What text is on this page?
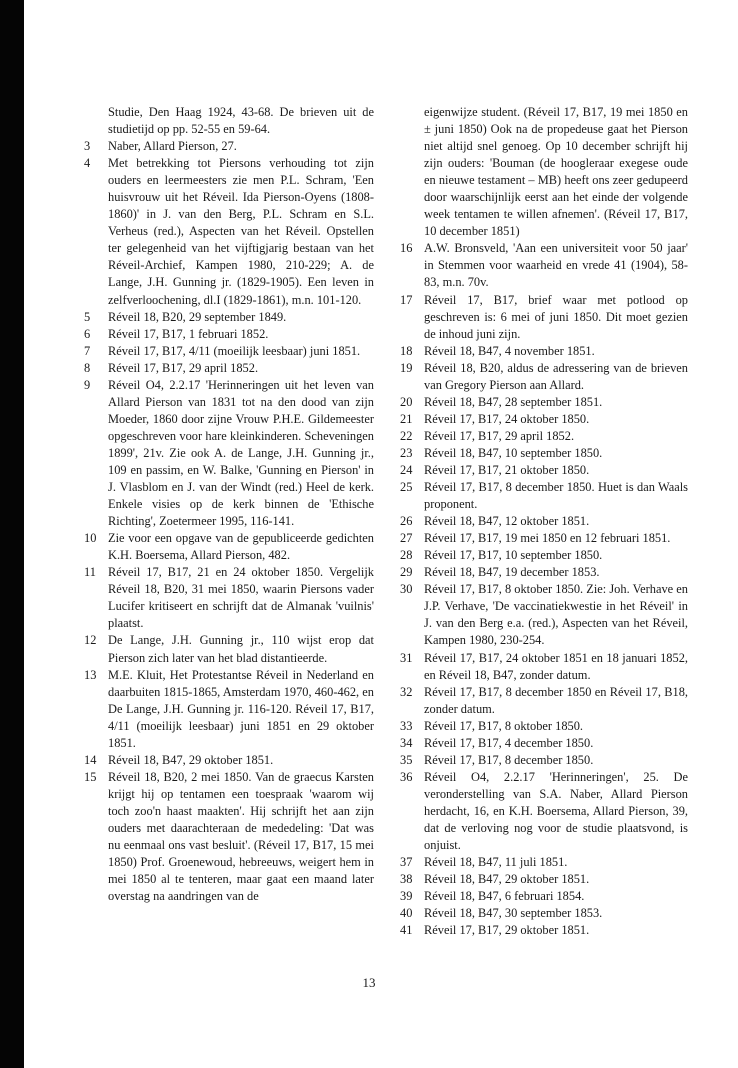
Studie, Den Haag 1924, 43-68. De brieven uit de studietijd op pp. 52-55 en 59-64.
3	Naber, Allard Pierson, 27.
4	Met betrekking tot Piersons verhouding tot zijn ouders en leermeesters zie men P.L. Schram, 'Een huisvrouw uit het Réveil. Ida Pierson-Oyens (1808-1860)' in J. van den Berg, P.L. Schram en S.L. Verheus (red.), Aspecten van het Réveil. Opstellen ter gelegenheid van het vijftigjarig bestaan van het Réveil-Archief, Kampen 1980, 210-229; A. de Lange, J.H. Gunning jr. (1829-1905). Een leven in zelfverloochening, dl.I (1829-1861), m.n. 101-120.
5	Réveil 18, B20, 29 september 1849.
6	Réveil 17, B17, 1 februari 1852.
7	Réveil 17, B17, 4/11 (moeilijk leesbaar) juni 1851.
8	Réveil 17, B17, 29 april 1852.
9	Réveil O4, 2.2.17 'Herinneringen uit het leven van Allard Pierson van 1831 tot na den dood van zijn Moeder, 1860 door zijne Vrouw P.H.E. Gildemeester opgeschreven voor hare kleinkinderen. Scheveningen 1899', 21v. Zie ook A. de Lange, J.H. Gunning jr., 109 en passim, en W. Balke, 'Gunning en Pierson' in J. Vlasblom en J. van der Windt (red.) Heel de kerk. Enkele visies op de kerk binnen de 'Ethische Richting', Zoetermeer 1995, 116-141.
10 Zie voor een opgave van de gepubliceerde gedichten K.H. Boersema, Allard Pierson, 482.
11 Réveil 17, B17, 21 en 24 oktober 1850. Vergelijk Réveil 18, B20, 31 mei 1850, waarin Piersons vader Lucifer kritiseert en schrijft dat de Almanak 'vuilnis' plaatst.
12 De Lange, J.H. Gunning jr., 110 wijst erop dat Pierson zich later van het blad distantieerde.
13 M.E. Kluit, Het Protestantse Réveil in Nederland en daarbuiten 1815-1865, Amsterdam 1970, 460-462, en De Lange, J.H. Gunning jr. 116-120. Réveil 17, B17, 4/11 (moeilijk leesbaar) juni 1851 en 29 oktober 1851.
14 Réveil 18, B47, 29 oktober 1851.
15 Réveil 18, B20, 2 mei 1850. Van de graecus Karsten krijgt hij op tentamen een toespraak 'waarom wij toch zoo'n haast maakten'. Hij schrijft het aan zijn ouders met daarachteraan de mededeling: 'Dat was nu eenmaal ons vast besluit'. (Réveil 17, B17, 15 mei 1850) Prof. Groenewoud, hebreeuws, weigert hem in mei 1850 al te tenteren, maar gaat een maand later overstag na aandringen van de
eigenwijze student. (Réveil 17, B17, 19 mei 1850 en ± juni 1850) Ook na de propedeuse gaat het Pierson niet altijd snel genoeg. Op 10 december schrijft hij zijn ouders: 'Bouman (de hoogleraar exegese oude en nieuwe testament – MB) heeft ons zeer gedupeerd door waarschijnlijk eerst aan het einde der volgende week tentamen te willen afnemen'. (Réveil 17, B17, 10 december 1851)
16 A.W. Bronsveld, 'Aan een universiteit voor 50 jaar' in Stemmen voor waarheid en vrede 41 (1904), 58-83, m.n. 70v.
17 Réveil 17, B17, brief waar met potlood op geschreven is: 6 mei of juni 1850. Dit moet gezien de inhoud juni zijn.
18 Réveil 18, B47, 4 november 1851.
19 Réveil 18, B20, aldus de adressering van de brieven van Gregory Pierson aan Allard.
20 Réveil 18, B47, 28 september 1851.
21 Réveil 17, B17, 24 oktober 1850.
22 Réveil 17, B17, 29 april 1852.
23 Réveil 18, B47, 10 september 1850.
24 Réveil 17, B17, 21 oktober 1850.
25 Réveil 17, B17, 8 december 1850. Huet is dan Waals proponent.
26 Réveil 18, B47, 12 oktober 1851.
27 Réveil 17, B17, 19 mei 1850 en 12 februari 1851.
28 Réveil 17, B17, 10 september 1850.
29 Réveil 18, B47, 19 december 1853.
30 Réveil 17, B17, 8 oktober 1850. Zie: Joh. Verhave en J.P. Verhave, 'De vaccinatiekwestie in het Réveil' in J. van den Berg e.a. (red.), Aspecten van het Réveil, Kampen 1980, 230-254.
31 Réveil 17, B17, 24 oktober 1851 en 18 januari 1852, en Réveil 18, B47, zonder datum.
32 Réveil 17, B17, 8 december 1850 en Réveil 17, B18, zonder datum.
33 Réveil 17, B17, 8 oktober 1850.
34 Réveil 17, B17, 4 december 1850.
35 Réveil 17, B17, 8 december 1850.
36 Réveil O4, 2.2.17 'Herinneringen', 25. De veronderstelling van S.A. Naber, Allard Pierson herdacht, 16, en K.H. Boersema, Allard Pierson, 39, dat de verloving nog voor de studie plaatsvond, is onjuist.
37 Réveil 18, B47, 11 juli 1851.
38 Réveil 18, B47, 29 oktober 1851.
39 Réveil 18, B47, 6 februari 1854.
40 Réveil 18, B47, 30 september 1853.
41 Réveil 17, B17, 29 oktober 1851.
13
